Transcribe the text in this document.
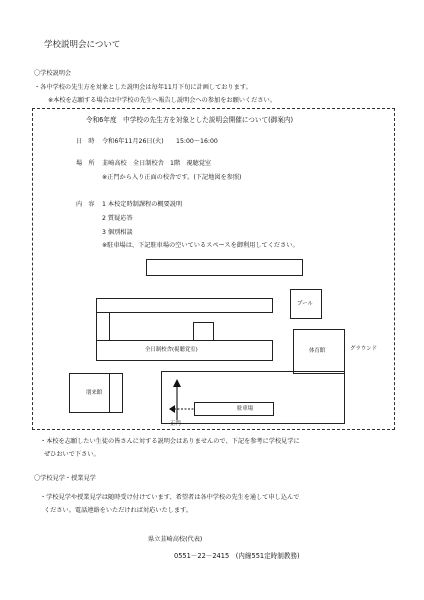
学校説明会について
〇学校説明会
・各中学校の先生方を対象とした説明会は毎年11月下旬に計画しております。
※本校を志願する場合は中学校の先生へ報告し説明会への参加をお願いください。
令和6年度　中学校の先生方を対象とした説明会開催について(御案内)
日　時 令和6年11月26日(火)　　15:00～16:00
場　所 韮崎高校　全日制校舎　1階　視聴覚室
※正門から入り正面の校舎です。(下記地図を参照)
内　容 1 本校定時制課程の概要説明
2 質疑応答
3 個別相談
※駐車場は、下記駐車場の空いているスペースを御利用してください。
全日制校舎(視聴覚室)
プール
体育館	グラウンド
朋来館
駐車場
正門
・本校を志願したい生徒の皆さんに対する説明会はありませんので、下記を参考に学校見学に
ぜひおいで下さい。
〇学校見学・授業見学
・学校見学や授業見学は随時受け付けています、希望者は各中学校の先生を通して申し込んで
ください。電話連絡をいただければ対応いたします。
県立韮崎高校(代表)
0551－22－2415　(内線551定時制教務)
